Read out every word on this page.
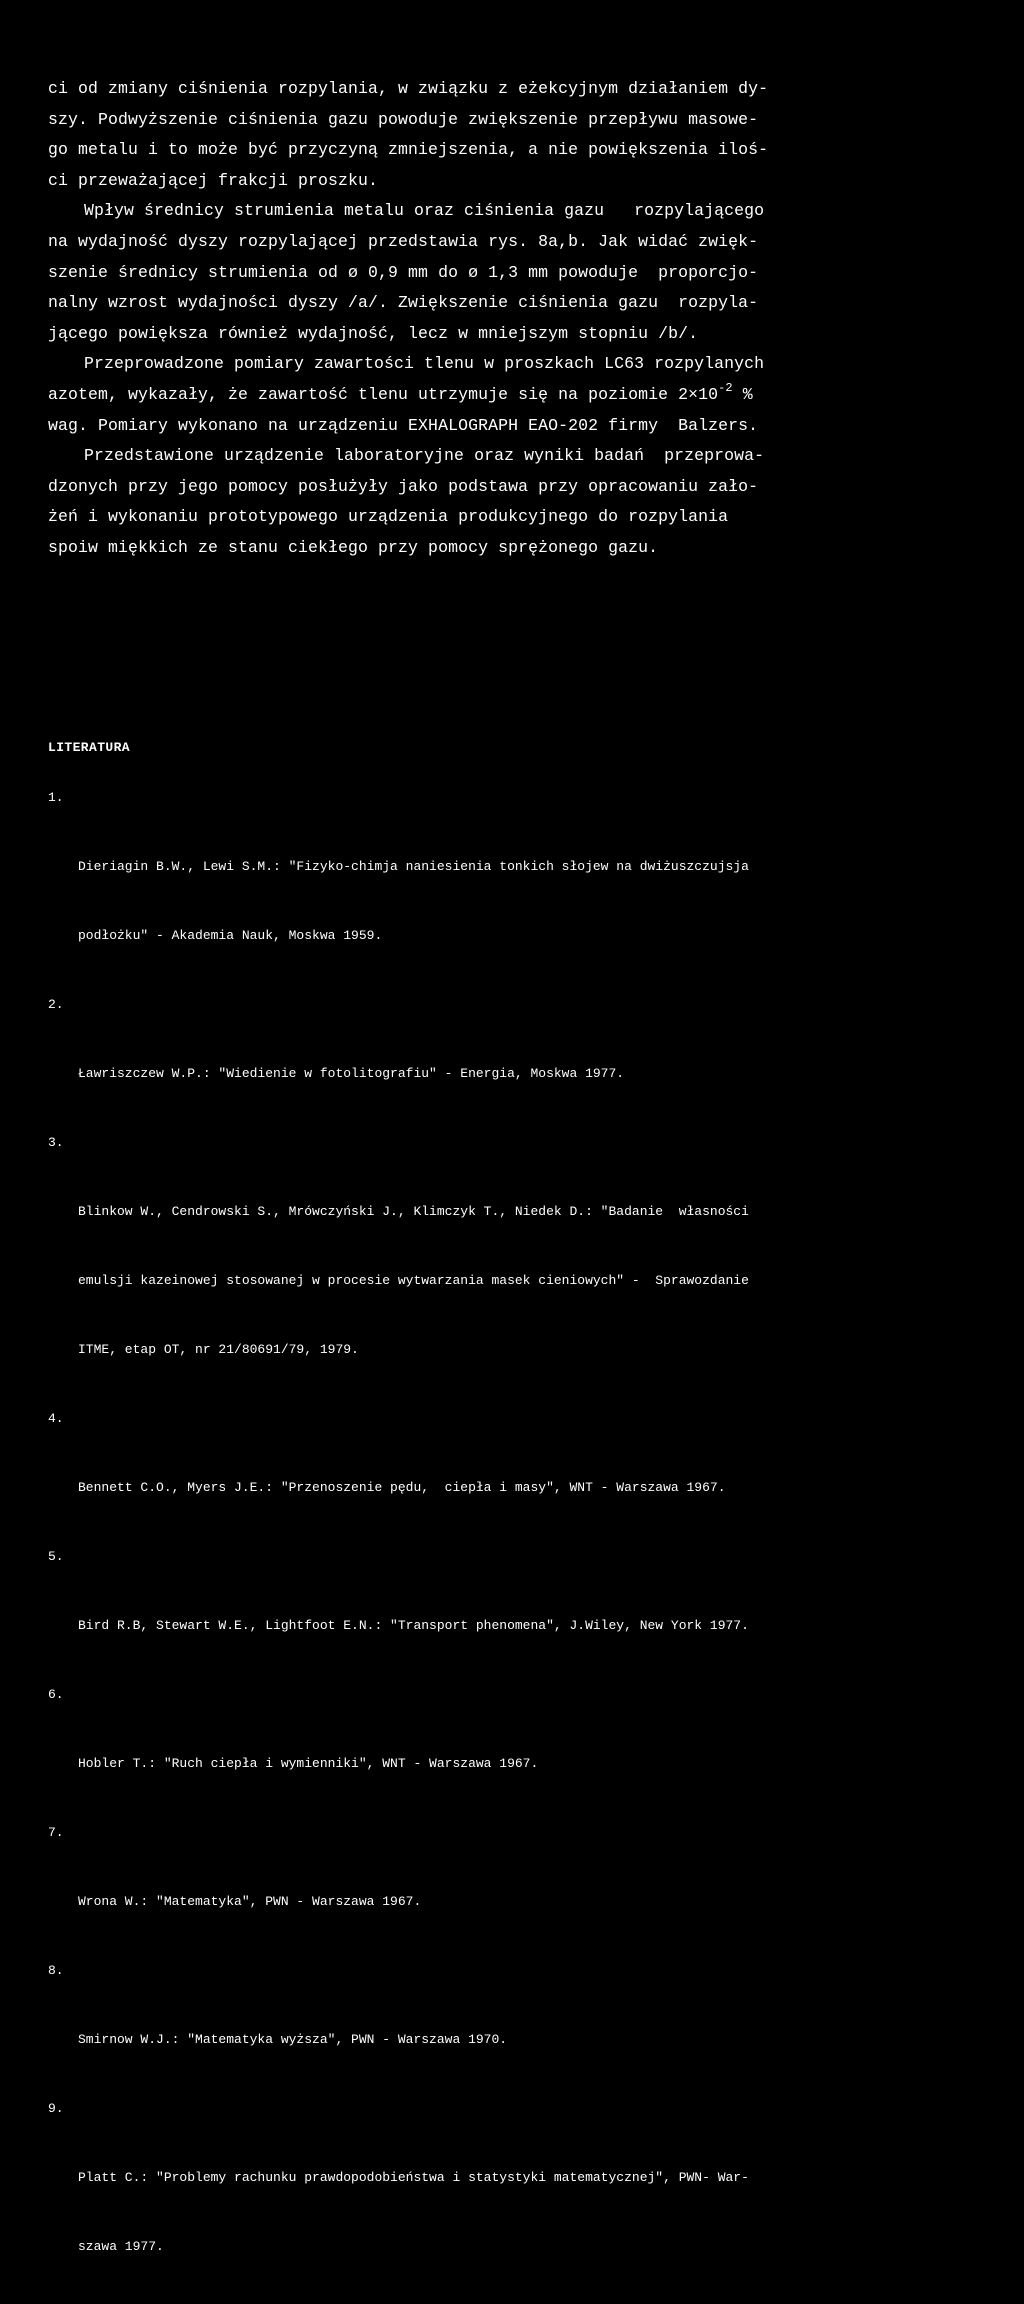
ci od zmiany ciśnienia rozpylania, w związku z eżekcyjnym działaniem dy-
szy. Podwyższenie ciśnienia gazu powoduje zwiększenie przepływu masowe-
go metalu i to może być przyczyną zmniejszenia, a nie powiększenia iloś-
ci przeważającej frakcji proszku.
Wpływ średnicy strumienia metalu oraz ciśnienia gazu   rozpylającego
na wydajność dyszy rozpylającej przedstawia rys. 8a,b. Jak widać zwięk-
szenie średnicy strumienia od ø 0,9 mm do ø 1,3 mm powoduje  proporcjo-
nalny wzrost wydajności dyszy /a/. Zwiększenie ciśnienia gazu  rozpyla-
jącego powiększa również wydajność, lecz w mniejszym stopniu /b/.
Przeprowadzone pomiary zawartości tlenu w proszkach LC63 rozpylanych
azotem, wykazały, że zawartość tlenu utrzymuje się na poziomie $2\times 10^{-2}$ %
wag. Pomiary wykonano na urządzeniu EXHALOGRAPH EAO-202 firmy  Balzers.
Przedstawione urządzenie laboratoryjne oraz wyniki badań  przeprowa-
dzonych przy jego pomocy posłużyły jako podstawa przy opracowaniu zało-
żeń i wykonaniu prototypowego urządzenia produkcyjnego do rozpylania
spoiw miękkich ze stanu ciekłego przy pomocy sprężonego gazu.
LITERATURA

1.

Dieriagin B.W., Lewi S.M.: "Fizyko-chimja naniesienia tonkich słojew na dwiżuszczujsja

podłożku" - Akademia Nauk, Moskwa 1959.

2.

Ławriszczew W.P.: "Wiedienie w fotolitografiu" - Energia, Moskwa 1977.

3.

Blinkow W., Cendrowski S., Mrówczyński J., Klimczyk T., Niedek D.: "Badanie  własności

emulsji kazeinowej stosowanej w procesie wytwarzania masek cieniowych" -  Sprawozdanie

ITME, etap OT, nr 21/80691/79, 1979.

4.

Bennett C.O., Myers J.E.: "Przenoszenie pędu,  ciepła i masy", WNT - Warszawa 1967.

5.

Bird R.B, Stewart W.E., Lightfoot E.N.: "Transport phenomena", J.Wiley, New York 1977.

6.

Hobler T.: "Ruch ciepła i wymienniki", WNT - Warszawa 1967.

7.

Wrona W.: "Matematyka", PWN - Warszawa 1967.

8.

Smirnow W.J.: "Matematyka wyższa", PWN - Warszawa 1970.

9.

Platt C.: "Problemy rachunku prawdopodobieństwa i statystyki matematycznej", PWN- War-

szawa 1977.
